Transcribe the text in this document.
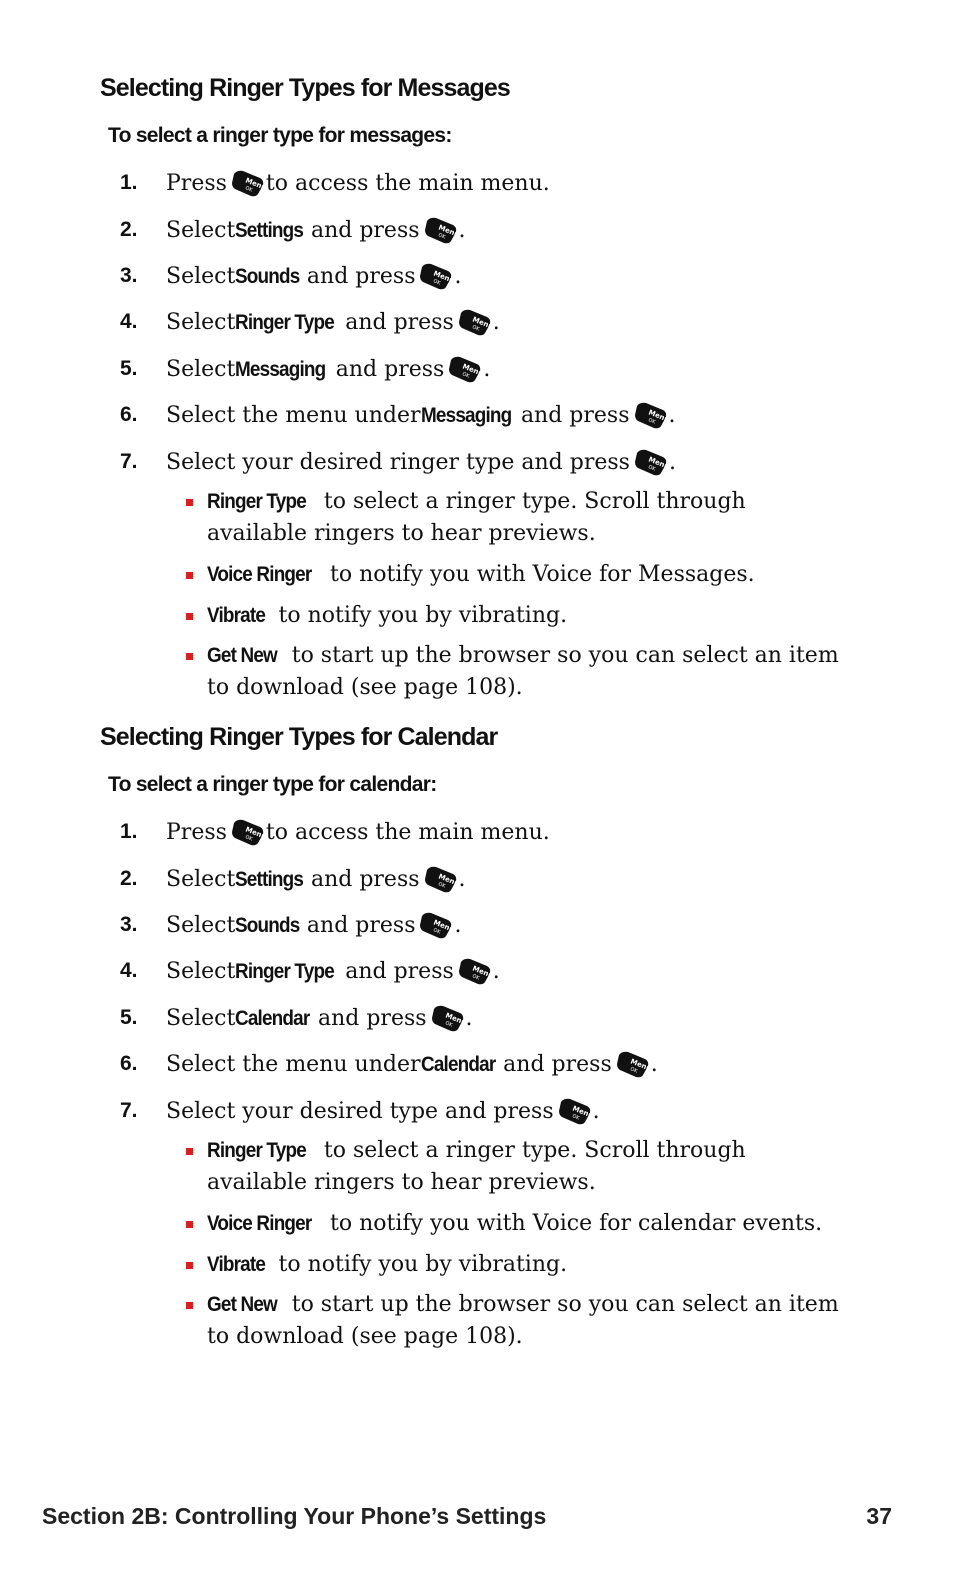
Selecting Ringer Types for Messages
To select a ringer type for messages:
1.	Press Menu
OK to access the main menu.
2.	Select Settings and press Menu
OK .
3.	Select Sounds and press Menu
OK .
4.	Select Ringer Type and press Menu
OK .
5.	Select Messaging and press Menu
OK .
6.	Select the menu under Messaging and press Menu
OK .
7.	Select your desired ringer type and press Menu
OK .
Ringer Type to select a ringer type. Scroll through available ringers to hear previews.
Voice Ringer to notify you with Voice for Messages.
Vibrate to notify you by vibrating.
Get New to start up the browser so you can select an item to download (see page 108).
Selecting Ringer Types for Calendar
To select a ringer type for calendar:
1.	Press Menu
OK to access the main menu.
2.	Select Settings and press Menu
OK .
3.	Select Sounds and press Menu
OK .
4.	Select Ringer Type and press Menu
OK .
5.	Select Calendar and press Menu
OK .
6.	Select the menu under Calendar and press Menu
OK .
7.	Select your desired type and press Menu
OK .
Ringer Type to select a ringer type. Scroll through available ringers to hear previews.
Voice Ringer to notify you with Voice for calendar events.
Vibrate to notify you by vibrating.
Get New to start up the browser so you can select an item to download (see page 108).
Section 2B: Controlling Your Phone’s Settings	37
